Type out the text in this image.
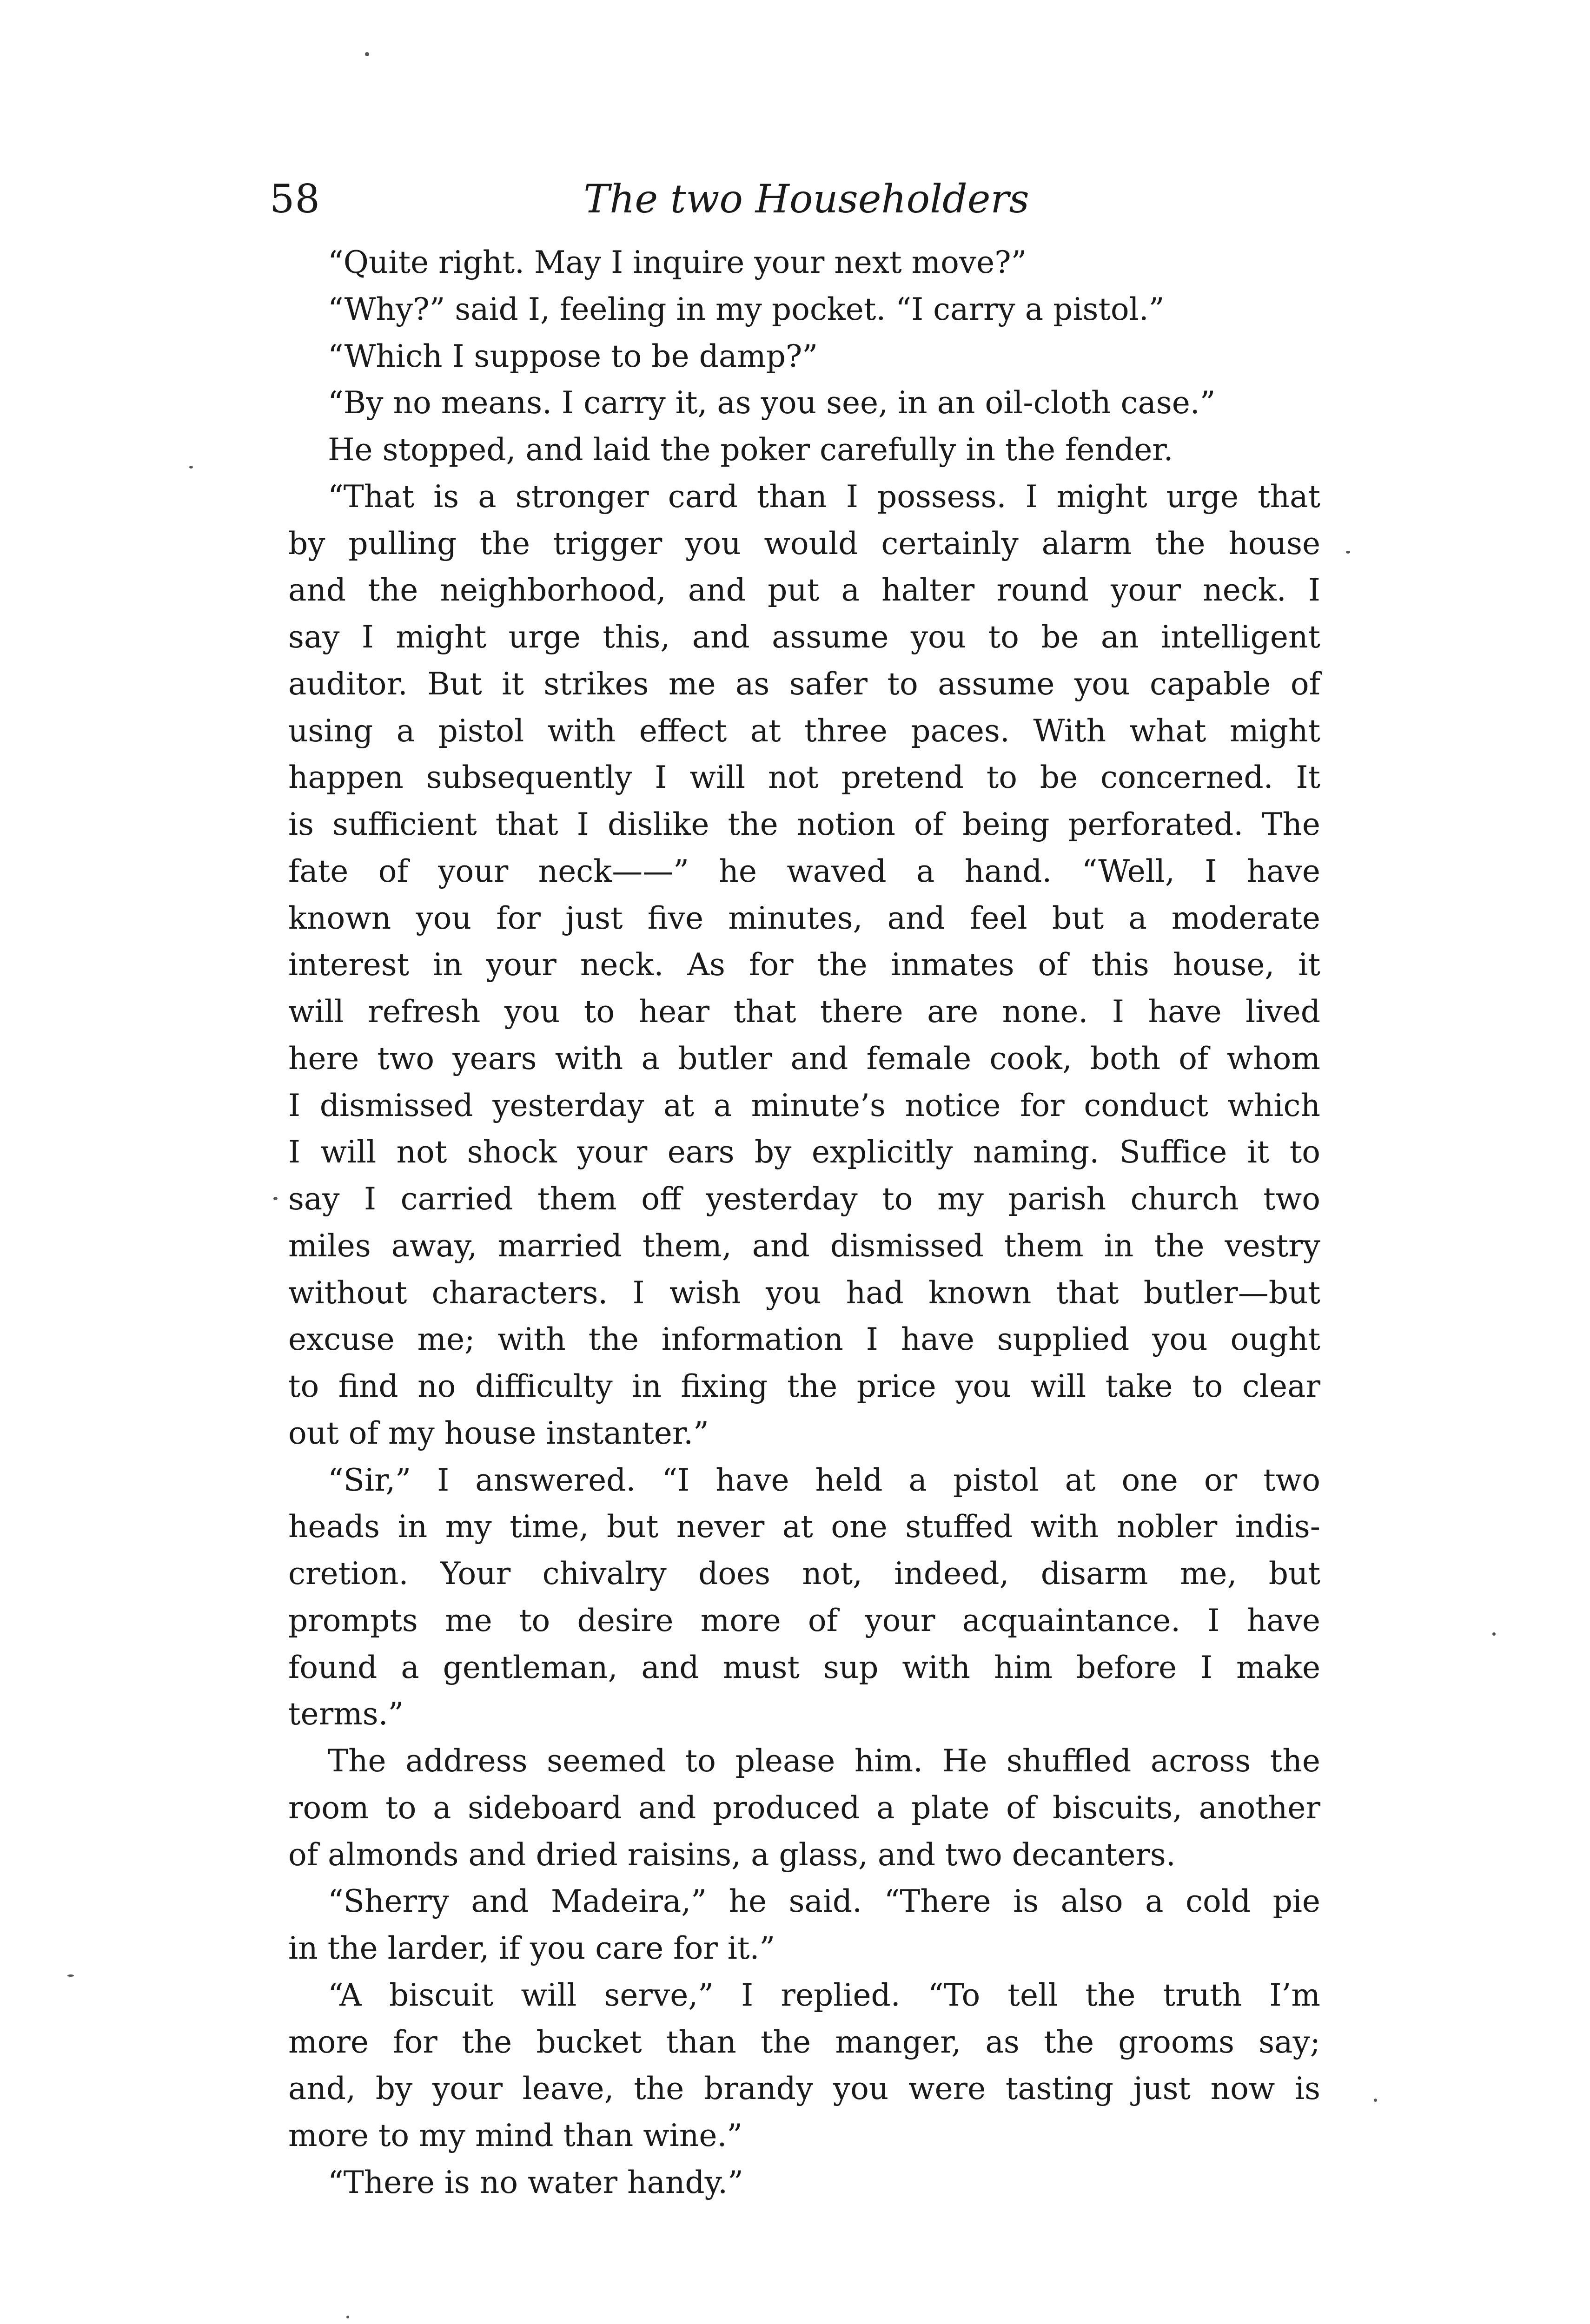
58	The two Householders
“Quite right. May I inquire your next move?”
“Why?” said I, feeling in my pocket. “I carry a pistol.”
“Which I suppose to be damp?”
“By no means. I carry it, as you see, in an oil-cloth case.”
He stopped, and laid the poker carefully in the fender.
“That is a stronger card than I possess. I might urge that
by pulling the trigger you would certainly alarm the house
and the neighborhood, and put a halter round your neck. I
say I might urge this, and assume you to be an intelligent
auditor. But it strikes me as safer to assume you capable of
using a pistol with effect at three paces. With what might
happen subsequently I will not pretend to be concerned. It
is sufficient that I dislike the notion of being perforated. The
fate of your neck——” he waved a hand. “Well, I have
known you for just five minutes, and feel but a moderate
interest in your neck. As for the inmates of this house, it
will refresh you to hear that there are none. I have lived
here two years with a butler and female cook, both of whom
I dismissed yesterday at a minute’s notice for conduct which
I will not shock your ears by explicitly naming. Suffice it to
say I carried them off yesterday to my parish church two
miles away, married them, and dismissed them in the vestry
without characters. I wish you had known that butler—but
excuse me; with the information I have supplied you ought
to find no difficulty in fixing the price you will take to clear
out of my house instanter.”
“Sir,” I answered. “I have held a pistol at one or two
heads in my time, but never at one stuffed with nobler indis-
cretion. Your chivalry does not, indeed, disarm me, but
prompts me to desire more of your acquaintance. I have
found a gentleman, and must sup with him before I make
terms.”
The address seemed to please him. He shuffled across the
room to a sideboard and produced a plate of biscuits, another
of almonds and dried raisins, a glass, and two decanters.
“Sherry and Madeira,” he said. “There is also a cold pie
in the larder, if you care for it.”
“A biscuit will serve,” I replied. “To tell the truth I’m
more for the bucket than the manger, as the grooms say;
and, by your leave, the brandy you were tasting just now is
more to my mind than wine.”
“There is no water handy.”
